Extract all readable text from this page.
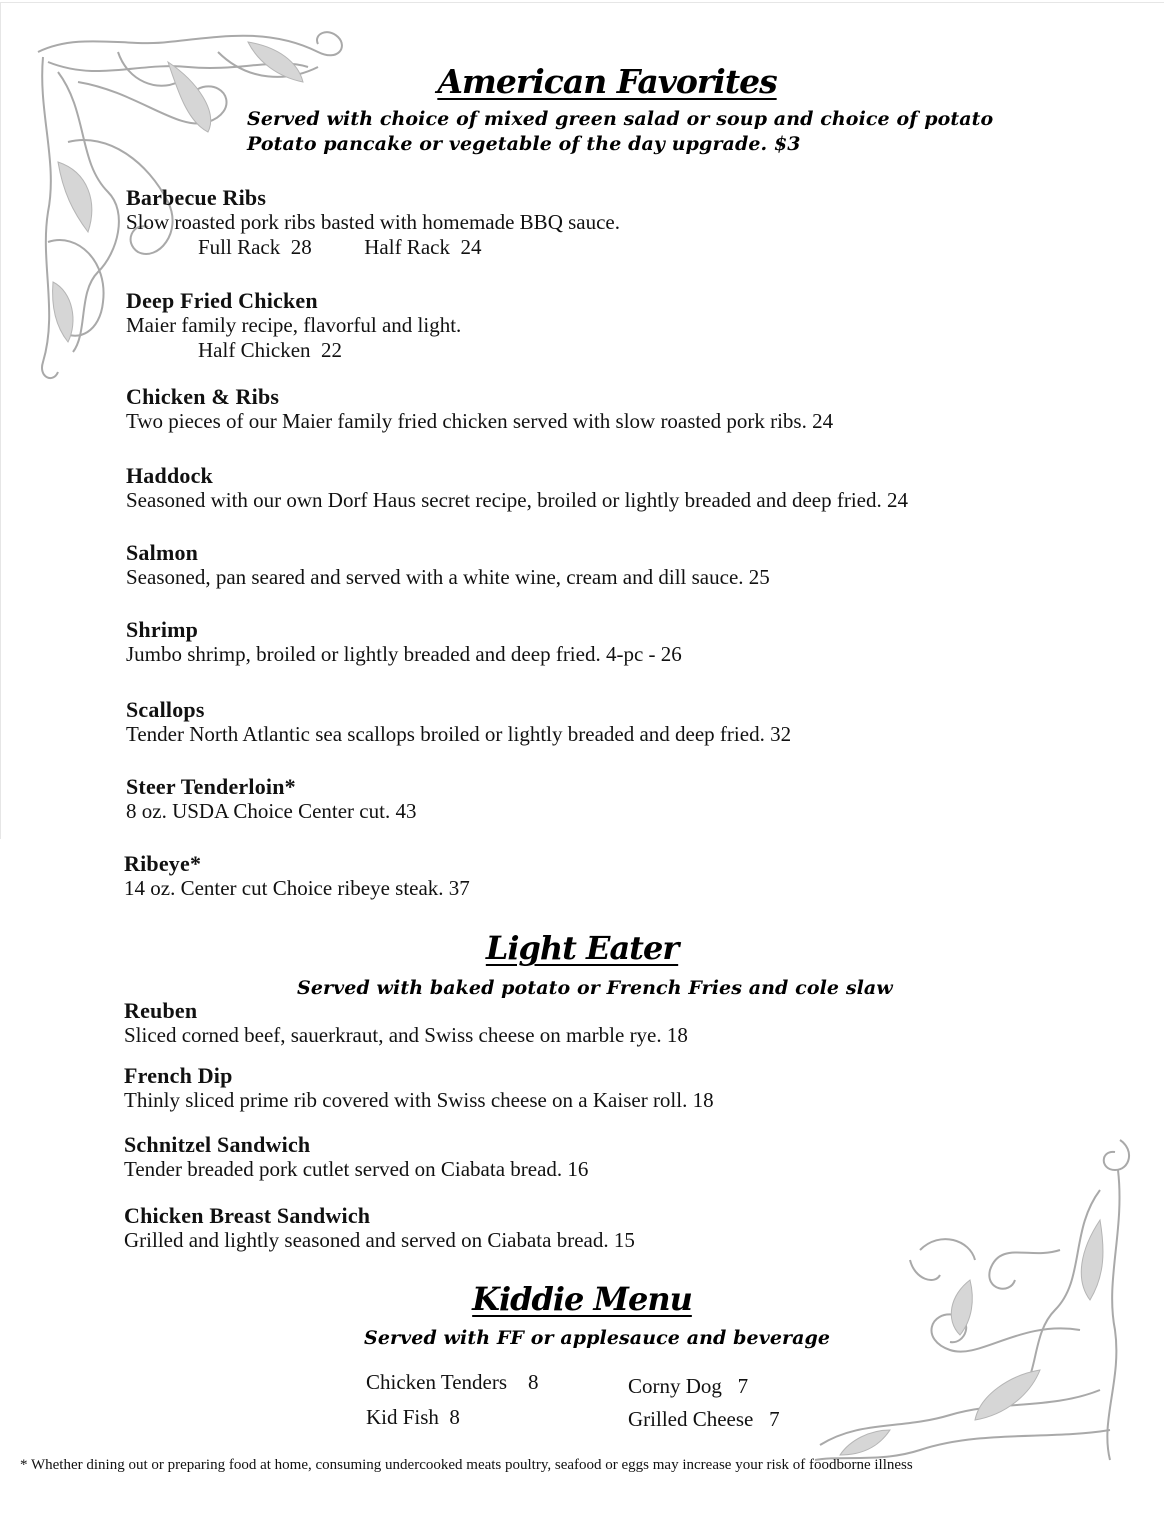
American Favorites
Served with choice of mixed green salad or soup and choice of potato
Potato pancake or vegetable of the day upgrade. $3
Barbecue Ribs
Slow roasted pork ribs basted with homemade BBQ sauce.
Full Rack  28          Half Rack  24
Deep Fried Chicken
Maier family recipe, flavorful and light.
Half Chicken  22
Chicken & Ribs
Two pieces of our Maier family fried chicken served with slow roasted pork ribs. 24
Haddock
Seasoned with our own Dorf Haus secret recipe, broiled or lightly breaded and deep fried. 24
Salmon
Seasoned, pan seared and served with a white wine, cream and dill sauce. 25
Shrimp
Jumbo shrimp, broiled or lightly breaded and deep fried. 4-pc - 26
Scallops
Tender North Atlantic sea scallops broiled or lightly breaded and deep fried. 32
Steer Tenderloin*
8 oz. USDA Choice Center cut. 43
Ribeye*
14 oz. Center cut Choice ribeye steak. 37
Light Eater
Served with baked potato or French Fries and cole slaw
Reuben
Sliced corned beef, sauerkraut, and Swiss cheese on marble rye. 18
French Dip
Thinly sliced prime rib covered with Swiss cheese on a Kaiser roll. 18
Schnitzel Sandwich
Tender breaded pork cutlet served on Ciabata bread. 16
Chicken Breast Sandwich
Grilled and lightly seasoned and served on Ciabata bread. 15
Kiddie Menu
Served with FF or applesauce and beverage
Chicken Tenders    8
Kid Fish  8
Corny Dog   7
Grilled Cheese   7
* Whether dining out or preparing food at home, consuming undercooked meats poultry, seafood or eggs may increase your risk of foodborne illness
